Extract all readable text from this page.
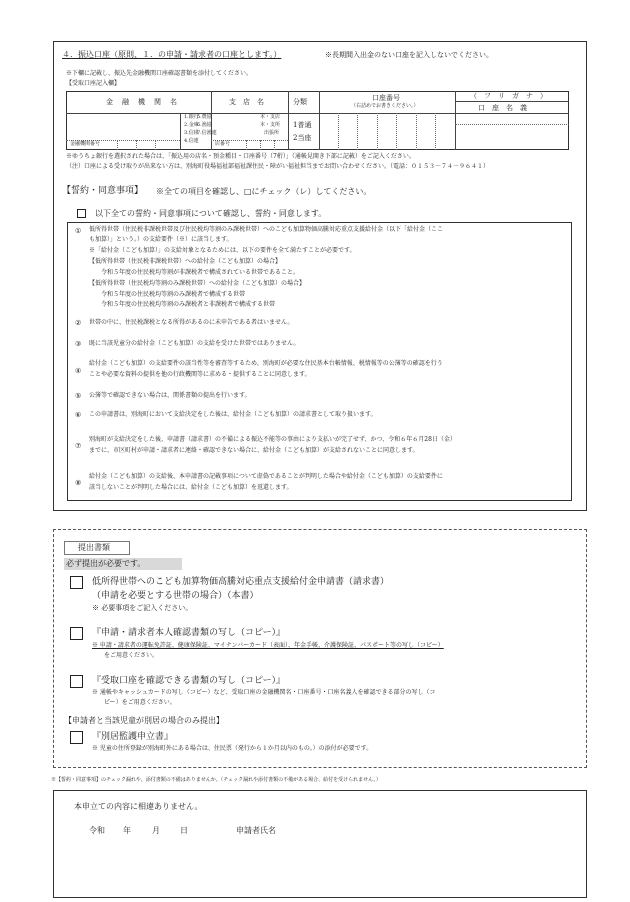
４．振込口座（原則、１．の申請・請求者の口座とします。）	※長期間入出金のない口座を記入しないでください。
※下欄に記載し、振込先金融機関口座確認書類を添付してください。
【受取口座記入欄】
金　融　機　関　名	支　店　名	分類	口座番号
（右詰めでお書きください。）
（　フ　リ　ガ　ナ　）
口　座　名　義
金融機関番号
1.銀行
2.金庫
3.信組
4.信連
5.農協
6.漁協
7.信漁連
店番号
本・支店
本・支所
出張所
1普通
2当座
※ゆうちょ銀行を選択された場合は、「振込用の店名・預金種目・口座番号（7桁）」（通帳見開き下部に記載）をご記入ください。
（注）口座による受け取りが出来ない方は、別海町役場福祉部福祉課住民・障がい福祉担当までお問い合わせください。（電話：０１５３－７４－９６４１）
【誓約・同意事項】 ※全ての項目を確認し、□にチェック（レ）してください。
以下全ての誓約・同意事項について確認し、誓約・同意します。
① 低所得世帯（住民税非課税世帯及び住民税均等割のみ課税世帯）へのこども加算物価高騰対応重点支援給付金（以下「給付金（ここ
も加算）」という。）の支給要件（※）に該当します。
※「給付金（こども加算）」の支給対象となるためには、以下の要件を全て満たすことが必要です。
【低所得世帯（住民税非課税世帯）への給付金（こども加算）の場合】
令和５年度の住民税均等割が非課税者で構成されている世帯であること。
【低所得世帯（住民税均等割のみ課税世帯）への給付金（こども加算）の場合】
令和５年度の住民税均等割のみ課税者で構成する世帯
令和５年度の住民税均等割のみ課税者と非課税者で構成する世帯
② 世帯の中に、住民税課税となる所得があるのに未申告である者はいません。
③ 既に当該児童分の給付金（こども加算）の支給を受けた世帯ではありません。
④
給付金（こども加算）の支給要件の該当性等を審査等するため、別海町が必要な住民基本台帳情報、税情報等の公簿等の確認を行う
ことや必要な資料の提供を他の行政機関等に求める・提供することに同意します。
⑤ 公簿等で確認できない場合は、関係書類の提出を行います。
⑥ この申請書は、別海町において支給決定をした後は、給付金（こども加算）の請求書として取り扱います。
⑦
別海町が支給決定をした後、申請書（請求書）の不備による振込不能等の事由により支払いが完了せず、かつ、令和６年６月28日（金）
までに、市区町村が申請・請求者に連絡・確認できない場合に、給付金（こども加算）が支給されないことに同意します。
⑧
給付金（こども加算）の支給後、本申請書の記載事項について虚偽であることが判明した場合や給付金（こども加算）の支給要件に
該当しないことが判明した場合には、給付金（こども加算）を返還します。
提出書類
必ず提出が必要です。
低所得世帯へのこども加算物価高騰対応重点支援給付金申請書（請求書）
（申請を必要とする世帯の場合）（本書）
※ 必要事項をご記入ください。
『申請・請求者本人確認書類の写し（コピー）』
※ 申請・請求者の運転免許証、健康保険証、マイナンバーカード（表面）、年金手帳、介護保険証、パスポート等の写し（コピー）
をご用意ください。
『受取口座を確認できる書類の写し（コピー）』
※ 通帳やキャッシュカードの写し（コピー）など、受取口座の金融機関名・口座番号・口座名義人を確認できる部分の写し（コ
ピー）をご用意ください。
【申請者と当該児童が別居の場合のみ提出】
『別居監護申立書』
※ 児童の住所登録が別海町外にある場合は、住民票（発行から１か月以内のもの。）の添付が必要です。
※【誓約・同意事項】のチェック漏れや、添付書類の不備はありませんか。（チェック漏れや添付書類の不備がある場合、給付を受けられません。）
本申立ての内容に相違ありません。
令和 年	月	日	申請者氏名
